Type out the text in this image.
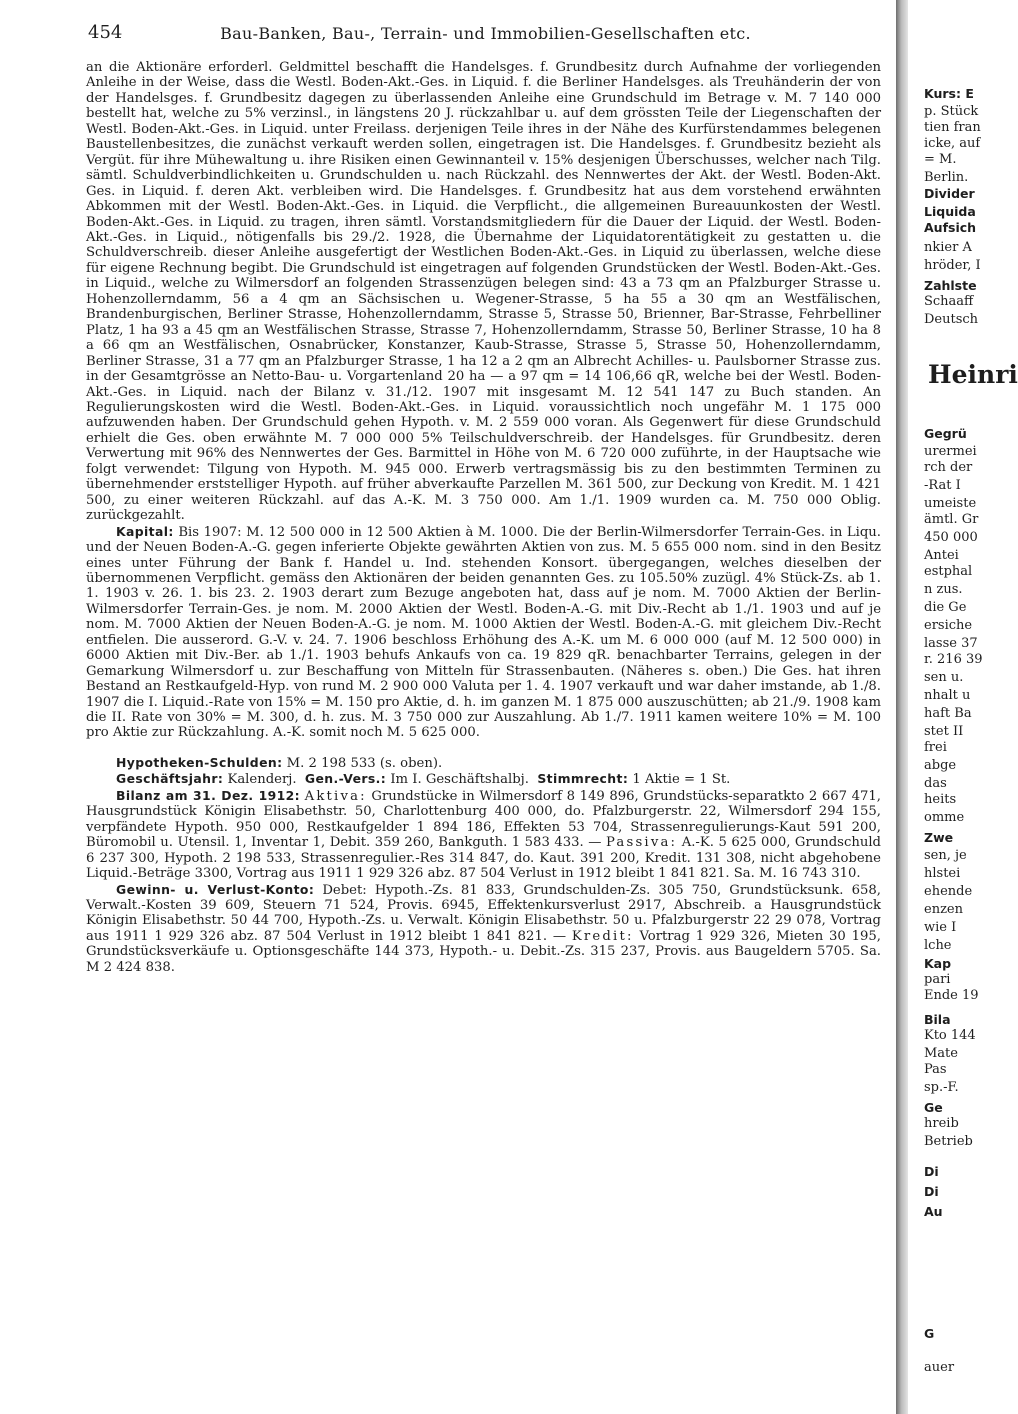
454	Bau-Banken, Bau-, Terrain- und Immobilien-Gesellschaften etc.

an die Aktionäre erforderl. Geldmittel beschafft die Handelsges. f. Grundbesitz durch Aufnahme der vorliegenden Anleihe in der Weise, dass die Westl. Boden-Akt.-Ges. in Liquid. f. die Berliner Handelsges. als Treuhänderin der von der Handelsges. f. Grundbesitz dagegen zu überlassenden Anleihe eine Grundschuld im Betrage v. M. 7 140 000 bestellt hat, welche zu 5% verzinsl., in längstens 20 J. rückzahlbar u. auf dem grössten Teile der Liegenschaften der Westl. Boden-Akt.-Ges. in Liquid. unter Freilass. derjenigen Teile ihres in der Nähe des Kurfürstendammes belegenen Baustellenbesitzes, die zunächst verkauft werden sollen, eingetragen ist. Die Handelsges. f. Grundbesitz bezieht als Vergüt. für ihre Mühewaltung u. ihre Risiken einen Gewinnanteil v. 15% desjenigen Überschusses, welcher nach Tilg. sämtl. Schuldverbindlichkeiten u. Grundschulden u. nach Rückzahl. des Nennwertes der Akt. der Westl. Boden-Akt. Ges. in Liquid. f. deren Akt. verbleiben wird. Die Handelsges. f. Grundbesitz hat aus dem vorstehend erwähnten Abkommen mit der Westl. Boden-Akt.-Ges. in Liquid. die Verpflicht., die allgemeinen Bureauunkosten der Westl. Boden-Akt.-Ges. in Liquid. zu tragen, ihren sämtl. Vorstandsmitgliedern für die Dauer der Liquid. der Westl. Boden-Akt.-Ges. in Liquid., nötigenfalls bis 29./2. 1928, die Übernahme der Liquidatorentätigkeit zu gestatten u. die Schuldverschreib. dieser Anleihe ausgefertigt der Westlichen Boden-Akt.-Ges. in Liquid zu überlassen, welche diese für eigene Rechnung begibt. Die Grundschuld ist eingetragen auf folgenden Grundstücken der Westl. Boden-Akt.-Ges. in Liquid., welche zu Wilmersdorf an folgenden Strassenzügen belegen sind: 43 a 73 qm an Pfalzburger Strasse u. Hohenzollerndamm, 56 a 4 qm an Sächsischen u. Wegener-Strasse, 5 ha 55 a 30 qm an Westfälischen, Brandenburgischen, Berliner Strasse, Hohenzollerndamm, Strasse 5, Strasse 50, Brienner, Bar-Strasse, Fehrbelliner Platz, 1 ha 93 a 45 qm an Westfälischen Strasse, Strasse 7, Hohenzollerndamm, Strasse 50, Berliner Strasse, 10 ha 8 a 66 qm an Westfälischen, Osnabrücker, Konstanzer, Kaub-Strasse, Strasse 5, Strasse 50, Hohenzollerndamm, Berliner Strasse, 31 a 77 qm an Pfalzburger Strasse, 1 ha 12 a 2 qm an Albrecht Achilles- u. Paulsborner Strasse zus. in der Gesamtgrösse an Netto-Bau- u. Vorgartenland 20 ha — a 97 qm = 14 106,66 qR, welche bei der Westl. Boden-Akt.-Ges. in Liquid. nach der Bilanz v. 31./12. 1907 mit insgesamt M. 12 541 147 zu Buch standen. An Regulierungskosten wird die Westl. Boden-Akt.-Ges. in Liquid. voraussichtlich noch ungefähr M. 1 175 000 aufzuwenden haben. Der Grundschuld gehen Hypoth. v. M. 2 559 000 voran. Als Gegenwert für diese Grundschuld erhielt die Ges. oben erwähnte M. 7 000 000 5% Teilschuldverschreib. der Handelsges. für Grundbesitz. deren Verwertung mit 96% des Nennwertes der Ges. Barmittel in Höhe von M. 6 720 000 zuführte, in der Hauptsache wie folgt verwendet: Tilgung von Hypoth. M. 945 000. Erwerb vertragsmässig bis zu den bestimmten Terminen zu übernehmender erststelliger Hypoth. auf früher abverkaufte Parzellen M. 361 500, zur Deckung von Kredit. M. 1 421 500, zu einer weiteren Rückzahl. auf das A.-K. M. 3 750 000. Am 1./1. 1909 wurden ca. M. 750 000 Oblig. zurückgezahlt.

Kapital: Bis 1907: M. 12 500 000 in 12 500 Aktien à M. 1000. Die der Berlin-Wilmersdorfer Terrain-Ges. in Liqu. und der Neuen Boden-A.-G. gegen inferierte Objekte gewährten Aktien von zus. M. 5 655 000 nom. sind in den Besitz eines unter Führung der Bank f. Handel u. Ind. stehenden Konsort. übergegangen, welches dieselben der übernommenen Verpflicht. gemäss den Aktionären der beiden genannten Ges. zu 105.50% zuzügl. 4% Stück-Zs. ab 1. 1. 1903 v. 26. 1. bis 23. 2. 1903 derart zum Bezuge angeboten hat, dass auf je nom. M. 7000 Aktien der Berlin-Wilmersdorfer Terrain-Ges. je nom. M. 2000 Aktien der Westl. Boden-A.-G. mit Div.-Recht ab 1./1. 1903 und auf je nom. M. 7000 Aktien der Neuen Boden-A.-G. je nom. M. 1000 Aktien der Westl. Boden-A.-G. mit gleichem Div.-Recht entfielen. Die ausserord. G.-V. v. 24. 7. 1906 beschloss Erhöhung des A.-K. um M. 6 000 000 (auf M. 12 500 000) in 6000 Aktien mit Div.-Ber. ab 1./1. 1903 behufs Ankaufs von ca. 19 829 qR. benachbarter Terrains, gelegen in der Gemarkung Wilmersdorf u. zur Beschaffung von Mitteln für Strassenbauten. (Näheres s. oben.) Die Ges. hat ihren Bestand an Restkaufgeld-Hyp. von rund M. 2 900 000 Valuta per 1. 4. 1907 verkauft und war daher imstande, ab 1./8. 1907 die I. Liquid.-Rate von 15% = M. 150 pro Aktie, d. h. im ganzen M. 1 875 000 auszuschütten; ab 21./9. 1908 kam die II. Rate von 30% = M. 300, d. h. zus. M. 3 750 000 zur Auszahlung. Ab 1./7. 1911 kamen weitere 10% = M. 100 pro Aktie zur Rückzahlung. A.-K. somit noch M. 5 625 000.

Hypotheken-Schulden: M. 2 198 533 (s. oben).

Geschäftsjahr: Kalenderj. Gen.-Vers.: Im I. Geschäftshalbj. Stimmrecht: 1 Aktie = 1 St.

Bilanz am 31. Dez. 1912: Aktiva: Grundstücke in Wilmersdorf 8 149 896, Grundstücks-separatkto 2 667 471, Hausgrundstück Königin Elisabethstr. 50, Charlottenburg 400 000, do. Pfalzburgerstr. 22, Wilmersdorf 294 155, verpfändete Hypoth. 950 000, Restkaufgelder 1 894 186, Effekten 53 704, Strassenregulierungs-Kaut 591 200, Büromobil u. Utensil. 1, Inventar 1, Debit. 359 260, Bankguth. 1 583 433. — Passiva: A.-K. 5 625 000, Grundschuld 6 237 300, Hypoth. 2 198 533, Strassenregulier.-Res 314 847, do. Kaut. 391 200, Kredit. 131 308, nicht abgehobene Liquid.-Beträge 3300, Vortrag aus 1911 1 929 326 abz. 87 504 Verlust in 1912 bleibt 1 841 821. Sa. M. 16 743 310.

Gewinn- u. Verlust-Konto: Debet: Hypoth.-Zs. 81 833, Grundschulden-Zs. 305 750, Grundstücksunk. 658, Verwalt.-Kosten 39 609, Steuern 71 524, Provis. 6945, Effektenkursverlust 2917, Abschreib. a Hausgrundstück Königin Elisabethstr. 50 44 700, Hypoth.-Zs. u. Verwalt. Königin Elisabethstr. 50 u. Pfalzburgerstr 22 29 078, Vortrag aus 1911 1 929 326 abz. 87 504 Verlust in 1912 bleibt 1 841 821. — Kredit: Vortrag 1 929 326, Mieten 30 195, Grundstücksverkäufe u. Optionsgeschäfte 144 373, Hypoth.- u. Debit.-Zs. 315 237, Provis. aus Baugeldern 5705. Sa. M 2 424 838.

Kurs: E
p. Stück
tien fran
icke, auf
= M.
Berlin.
Divider
Liquida
Aufsich
nkier A
hröder, I
Zahlste
Schaaff
Deutsch
Heinri
Gegrü
urermei
rch der
-Rat I
umeiste
ämtl. Gr
450 000
Antei
estphal
n zus.
die Ge
ersiche
lasse 37
r. 216 39
sen u.
nhalt u
haft Ba
stet II
frei
abge
das
heits
omme
Zwe
sen, je
hlstei
ehende
enzen
wie I
lche
Kap
pari
Ende 19
Bila
Kto 144
Mate
Pas
sp.-F.
Ge
hreib
Betrieb
Di
Di
Au
G
auer
